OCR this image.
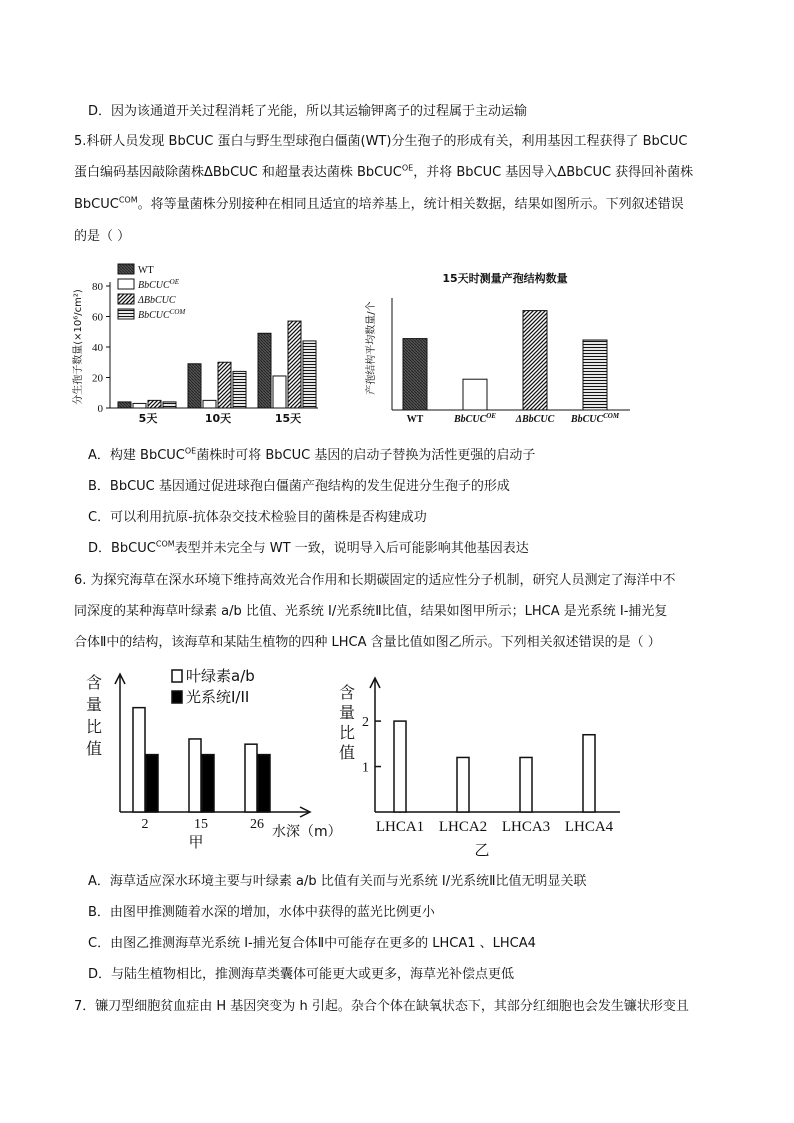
D．因为该通道开关过程消耗了光能，所以其运输钾离子的过程属于主动运输
5.科研人员发现 BbCUC 蛋白与野生型球孢白僵菌(WT)分生孢子的形成有关，利用基因工程获得了 BbCUC
蛋白编码基因敲除菌株ΔBbCUC 和超量表达菌株 BbCUC$^{OE}$，并将 BbCUC 基因导入ΔBbCUC 获得回补菌株
BbCUC$^{COM}$。将等量菌株分别接种在相同且适宜的培养基上，统计相关数据，结果如图所示。下列叙述错误
的是（ ）
0
20
40
60
80
分生孢子数量(×10⁶/cm²)
5天	10天	15天
WT
BbCUC$^{OE}$
ΔBbCUC
BbCUC$^{COM}$
15天时测量产孢结构数量
产孢结构平均数量/个
WT	BbCUC$^{OE}$ ΔBbCUC BbCUC$^{COM}$
A．构建 BbCUC$^{OE}$菌株时可将 BbCUC 基因的启动子替换为活性更强的启动子
B．BbCUC 基因通过促进球孢白僵菌产孢结构的发生促进分生孢子的形成
C．可以利用抗原-抗体杂交技术检验目的菌株是否构建成功
D．BbCUC$^{COM}$表型并未完全与 WT 一致，说明导入后可能影响其他基因表达
6. 为探究海草在深水环境下维持高效光合作用和长期碳固定的适应性分子机制，研究人员测定了海洋中不
同深度的某种海草叶绿素 a/b 比值、光系统 I/光系统Ⅱ比值，结果如图甲所示；LHCA 是光系统 I-捕光复
合体Ⅱ中的结构，该海草和某陆生植物的四种 LHCA 含量比值如图乙所示。下列相关叙述错误的是（ ）
含
量
比
值
叶绿素a/b
光系统I/II
2	15	26 水深（m）
甲
含
量
比
值
1
2
LHCA1 LHCA2 LHCA3 LHCA4
乙
A．海草适应深水环境主要与叶绿素 a/b 比值有关而与光系统 I/光系统Ⅱ比值无明显关联
B．由图甲推测随着水深的增加，水体中获得的蓝光比例更小
C．由图乙推测海草光系统 I-捕光复合体Ⅱ中可能存在更多的 LHCA1 、LHCA4
D．与陆生植物相比，推测海草类囊体可能更大或更多，海草光补偿点更低
7．镰刀型细胞贫血症由 H 基因突变为 h 引起。杂合个体在缺氧状态下，其部分红细胞也会发生镰状形变且
